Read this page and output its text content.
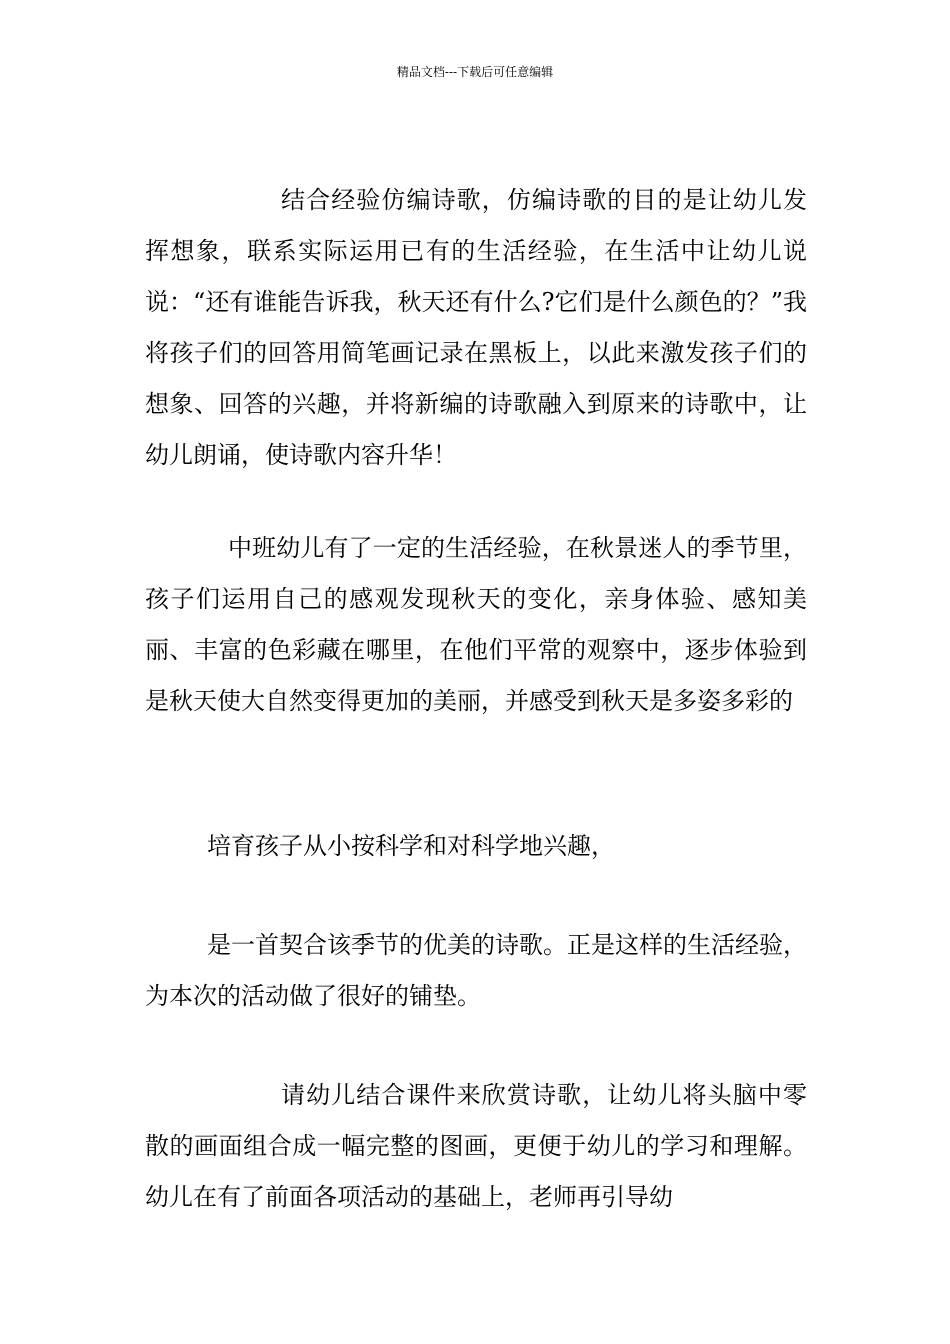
精品文档---下载后可任意编辑

结合经验仿编诗歌，仿编诗歌的目的是让幼儿发挥想象，联系实际运用已有的生活经验，在生活中让幼儿说说：“还有谁能告诉我，秋天还有什么?它们是什么颜色的？”我将孩子们的回答用简笔画记录在黑板上，以此来激发孩子们的想象、回答的兴趣，并将新编的诗歌融入到原来的诗歌中，让幼儿朗诵，使诗歌内容升华！

中班幼儿有了一定的生活经验，在秋景迷人的季节里，孩子们运用自己的感观发现秋天的变化，亲身体验、感知美丽、丰富的色彩藏在哪里，在他们平常的观察中，逐步体验到是秋天使大自然变得更加的美丽，并感受到秋天是多姿多彩的

培育孩子从小按科学和对科学地兴趣，

是一首契合该季节的优美的诗歌。正是这样的生活经验，为本次的活动做了很好的铺垫。

请幼儿结合课件来欣赏诗歌，让幼儿将头脑中零散的画面组合成一幅完整的图画，更便于幼儿的学习和理解。幼儿在有了前面各项活动的基础上，老师再引导幼
